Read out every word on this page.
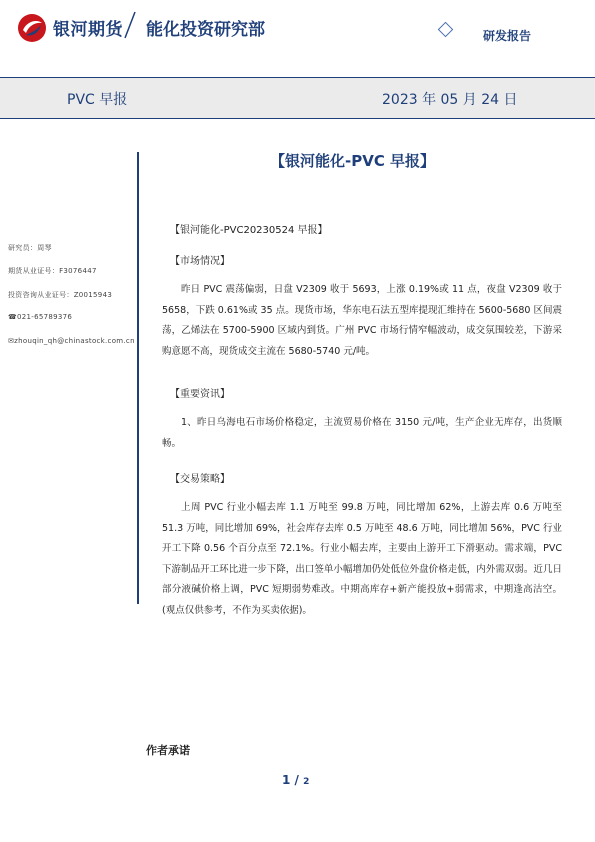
银河期货 能化投资研究部	研发报告
PVC 早报	2023 年 05 月 24 日
研究员：周琴
期货从业证号：F3076447
投资咨询从业证号：Z0015943
☎021-65789376
✉zhouqin_qh@chinastock.com.cn
【银河能化-PVC 早报】
【银河能化-PVC20230524 早报】
【市场情况】
昨日 PVC 震荡偏弱，日盘 V2309 收于 5693，上涨 0.19%或 11 点，夜盘 V2309 收于 5658，下跌 0.61%或 35 点。现货市场，华东电石法五型库提现汇维持在 5600-5680 区间震荡，乙烯法在 5700-5900 区域内到货。广州 PVC 市场行情窄幅波动，成交氛围较差，下游采购意愿不高，现货成交主流在 5680-5740 元/吨。
【重要资讯】
1、昨日乌海电石市场价格稳定，主流贸易价格在 3150 元/吨，生产企业无库存，出货顺畅。
【交易策略】
上周 PVC 行业小幅去库 1.1 万吨至 99.8 万吨，同比增加 62%，上游去库 0.6 万吨至 51.3 万吨，同比增加 69%，社会库存去库 0.5 万吨至 48.6 万吨，同比增加 56%，PVC 行业开工下降 0.56 个百分点至 72.1%。行业小幅去库，主要由上游开工下滑驱动。需求端，PVC 下游制品开工环比进一步下降，出口签单小幅增加仍处低位外盘价格走低，内外需双弱。近几日部分液碱价格上调，PVC 短期弱势难改。中期高库存+新产能投放+弱需求，中期逢高沽空。(观点仅供参考，不作为买卖依据)。
作者承诺
1 / 2
